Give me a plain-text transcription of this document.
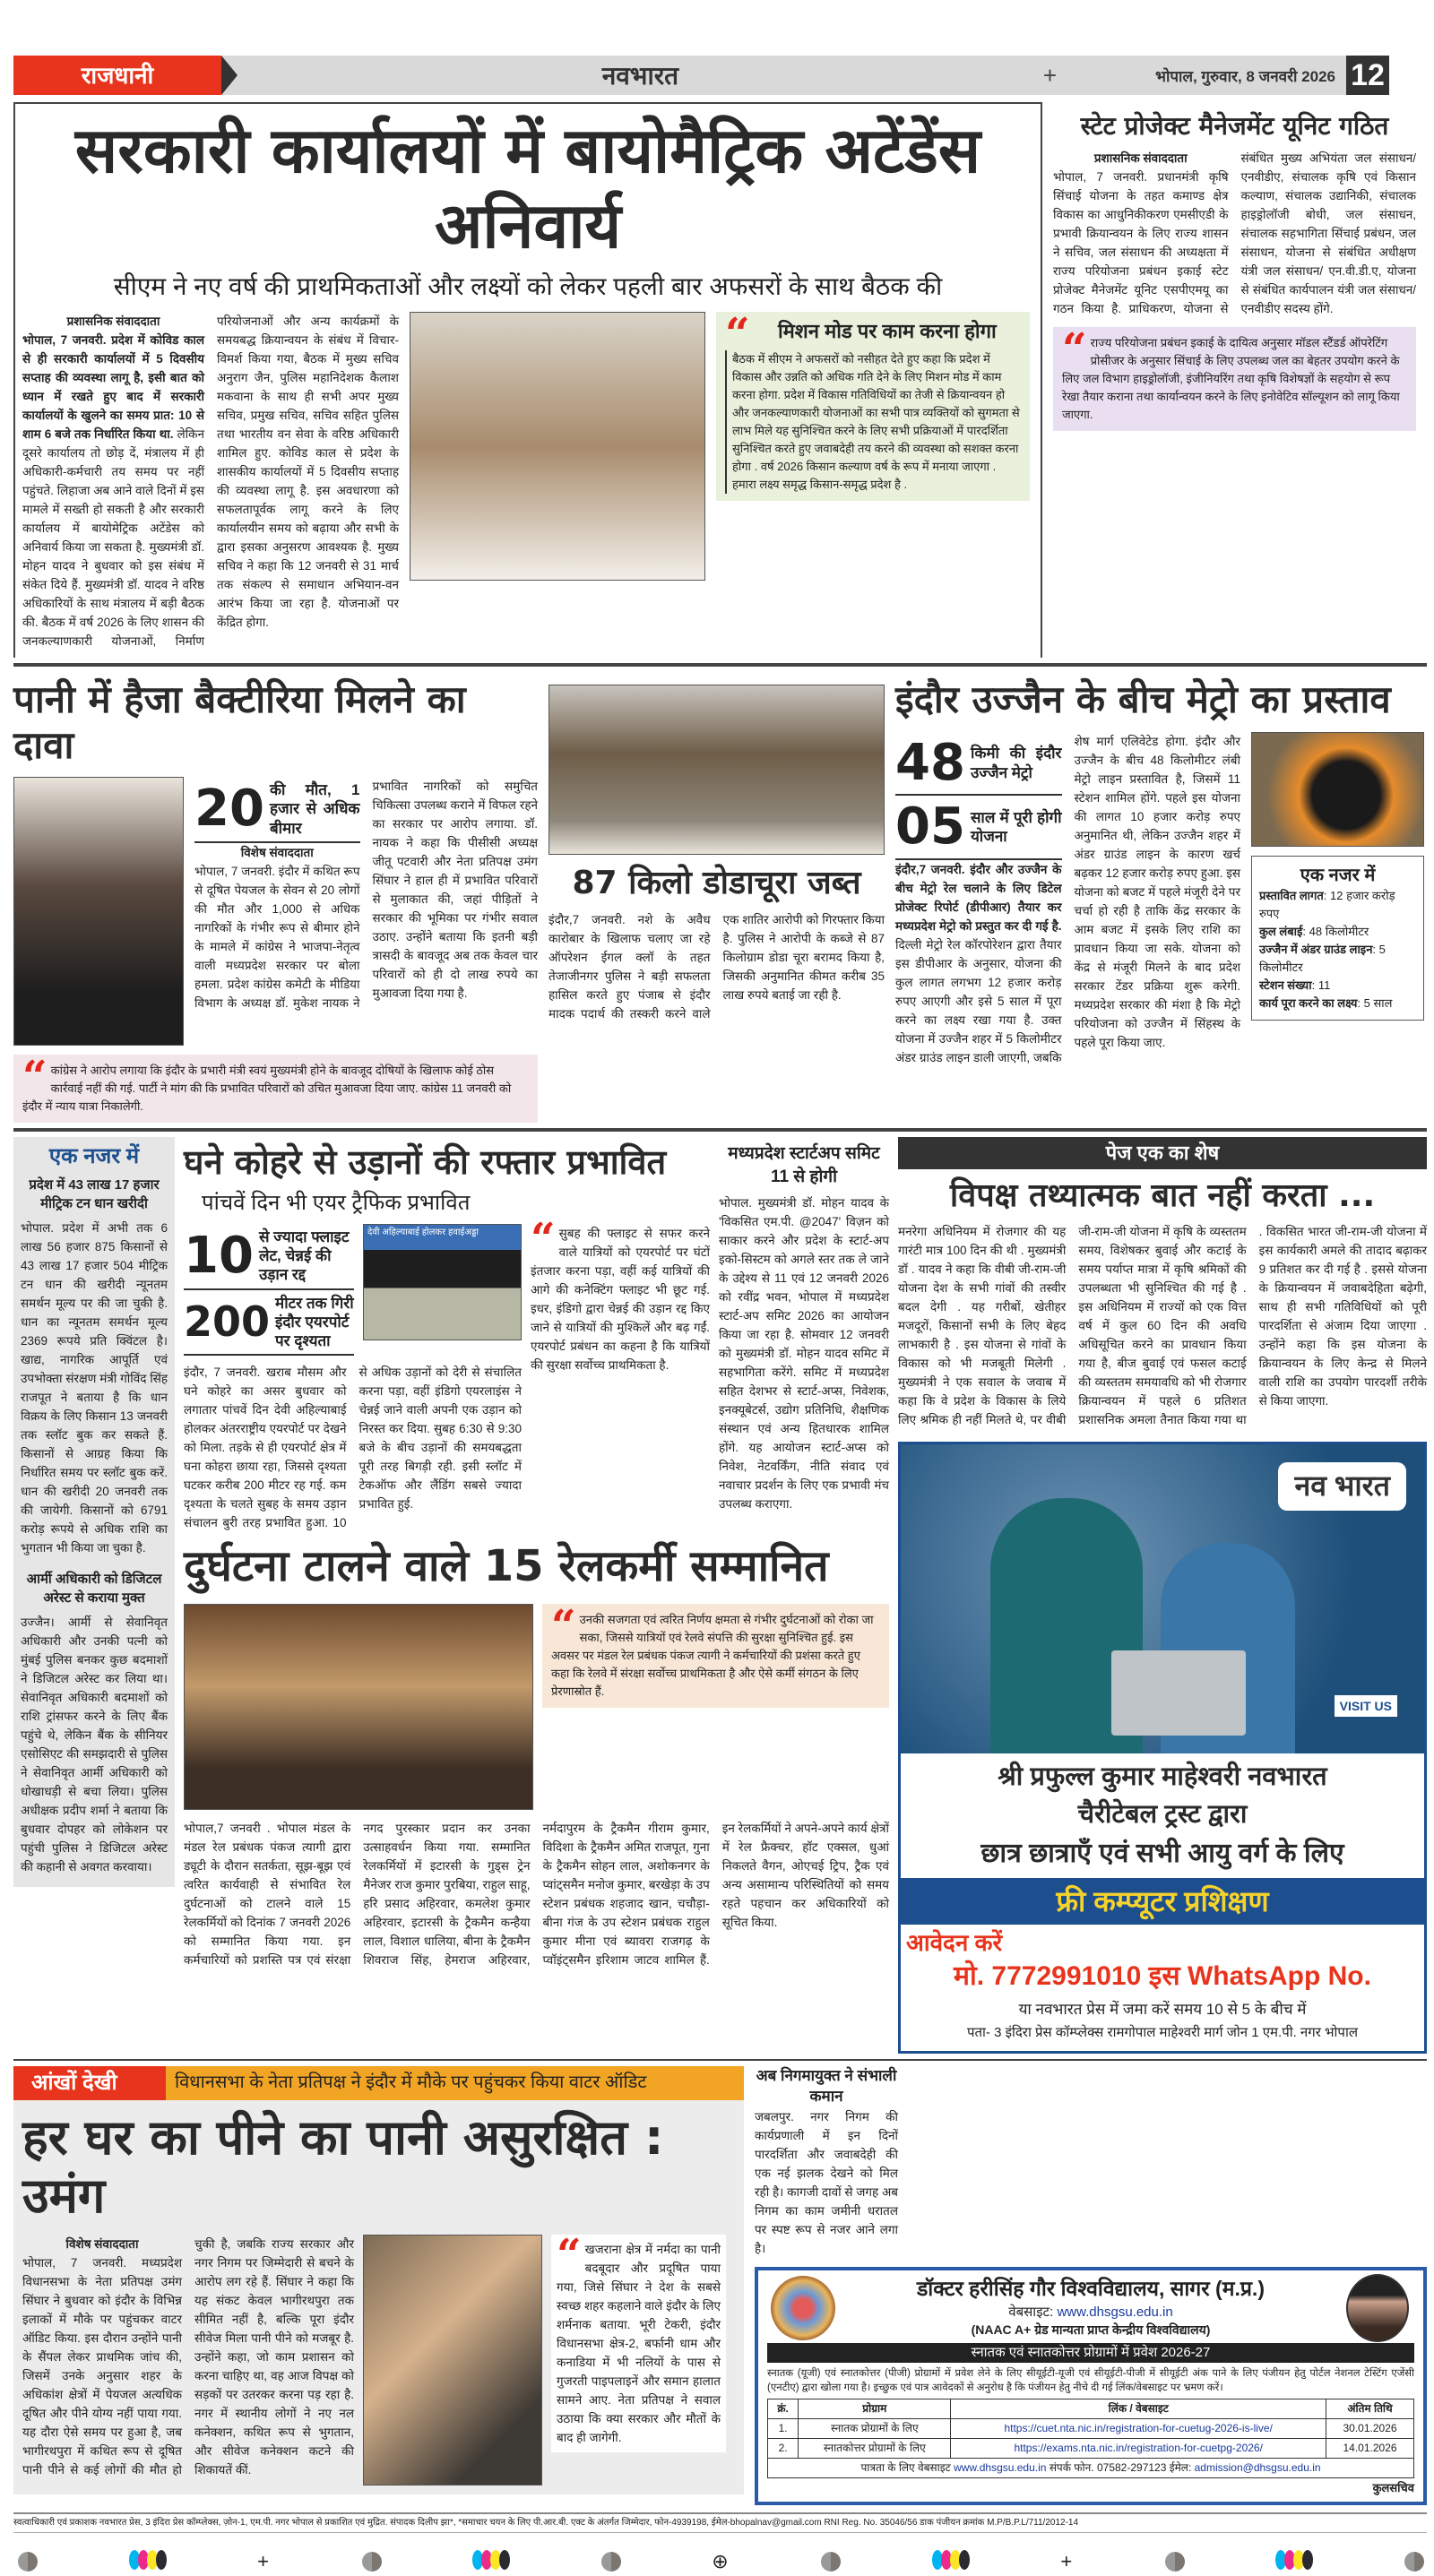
राजधानी	नवभारत	+	भोपाल, गुरुवार, 8 जनवरी 2026 12
सरकारी कार्यालयों में बायोमैट्रिक अटेंडेंस अनिवार्य
सीएम ने नए वर्ष की प्राथमिकताओं और लक्ष्यों को लेकर पहली बार अफसरों के साथ बैठक की
प्रशासनिक संवाददाता
भोपाल, 7 जनवरी. प्रदेश में कोविड काल से ही सरकारी कार्यालयों में 5 दिवसीय सप्ताह की व्यवस्था लागू है, इसी बात को ध्यान में रखते हुए बाद में सरकारी कार्यालयों के खुलने का समय प्रात: 10 से शाम 6 बजे तक निर्धारित किया था. लेकिन दूसरे कार्यालय तो छोड़ दें, मंत्रालय में ही अधिकारी-कर्मचारी तय समय पर नहीं पहुंचते. लिहाजा अब आने वाले दिनों में इस मामले में सख्ती हो सकती है और सरकारी कार्यालय में बायोमेट्रिक अटेंडेस को अनिवार्य किया जा सकता है. मुख्यमंत्री डॉ. मोहन यादव ने बुधवार को इस संबंध में संकेत दिये हैं. मुख्यमंत्री डॉ. यादव ने वरिष्ठ अधिकारियों के साथ मंत्रालय में बड़ी बैठक की. बैठक में वर्ष 2026 के लिए शासन की जनकल्याणकारी योजनाओं, निर्माण परियोजनाओं और अन्य कार्यक्रमों के समयबद्ध क्रियान्वयन के संबंध में विचार-विमर्श किया गया, बैठक में मुख्य सचिव अनुराग जैन, पुलिस महानिदेशक कैलाश मकवाना के साथ ही सभी अपर मुख्य सचिव, प्रमुख सचिव, सचिव सहित पुलिस तथा भारतीय वन सेवा के वरिष्ठ अधिकारी शामिल हुए. कोविड काल से प्रदेश के शासकीय कार्यालयों में 5 दिवसीय सप्ताह की व्यवस्था लागू है. इस अवधारणा को सफलतापूर्वक लागू करने के लिए कार्यालयीन समय को बढ़ाया और सभी के द्वारा इसका अनुसरण आवश्यक है. मुख्य सचिव ने कहा कि 12 जनवरी से 31 मार्च तक संकल्प से समाधान अभियान-वन आरंभ किया जा रहा है. योजनाओं पर केंद्रित होगा.
“	मिशन मोड पर काम करना होगा
बैठक में सीएम ने अफसरों को नसीहत देते हुए कहा कि प्रदेश में विकास और उन्नति को अधिक गति देने के लिए मिशन मोड में काम करना होगा. प्रदेश में विकास गतिविधियों का तेजी से क्रियान्वयन हो और जनकल्याणकारी योजनाओं का सभी पात्र व्यक्तियों को सुगमता से लाभ मिले यह सुनिश्चित करने के लिए सभी प्रक्रियाओं में पारदर्शिता सुनिश्चित करते हुए जवाबदेही तय करने की व्यवस्था को सशक्त करना होगा . वर्ष 2026 किसान कल्याण वर्ष के रूप में मनाया जाएगा . हमारा लक्ष्य समृद्ध किसान-समृद्ध प्रदेश है .
स्टेट प्रोजेक्ट मैनेजमेंट यूनिट गठित
प्रशासनिक संवाददाता
भोपाल, 7 जनवरी. प्रधानमंत्री कृषि सिंचाई योजना के तहत कमाण्ड क्षेत्र विकास का आधुनिकीकरण एमसीएडी के प्रभावी क्रियान्वयन के लिए राज्य शासन ने सचिव, जल संसाधन की अध्यक्षता में राज्य परियोजना प्रबंधन इकाई स्टेट प्रोजेक्ट मैनेजमेंट यूनिट एसपीएमयू का गठन किया है. प्राधिकरण, योजना से संबंधित मुख्य अभियंता जल संसाधन/एनवीडीए, संचालक कृषि एवं किसान कल्याण, संचालक उद्यानिकी, संचालक हाइड्रोलॉजी बोधी, जल संसाधन, संचालक सहभागिता सिंचाई प्रबंधन, जल संसाधन, योजना से संबंधित अधीक्षण यंत्री जल संसाधन/ एन.वी.डी.ए, योजना से संबंधित कार्यपालन यंत्री जल संसाधन/एनवीडीए सदस्य होंगे.
“ राज्य परियोजना प्रबंधन इकाई के दायित्व अनुसार मॉडल स्टैंडर्ड ऑपरेटिंग प्रोसीजर के अनुसार सिंचाई के लिए उपलब्ध जल का बेहतर उपयोग करने के लिए जल विभाग हाइड्रोलॉजी, इंजीनियरिंग तथा कृषि विशेषज्ञों के सहयोग से रूप रेखा तैयार कराना तथा कार्यान्वयन करने के लिए इनोवेटिव सॉल्यूशन को लागू किया जाएगा.
पानी में हैजा बैक्टीरिया मिलने का दावा
20 की मौत, 1 हजार से अधिक बीमार
विशेष संवाददाता
भोपाल, 7 जनवरी. इंदौर में कथित रूप से दूषित पेयजल के सेवन से 20 लोगों की मौत और 1,000 से अधिक नागरिकों के गंभीर रूप से बीमार होने के मामले में कांग्रेस ने भाजपा-नेतृत्व वाली मध्यप्रदेश सरकार पर बोला हमला. प्रदेश कांग्रेस कमेटी के मीडिया विभाग के अध्यक्ष डॉ. मुकेश नायक ने प्रभावित नागरिकों को समुचित चिकित्सा उपलब्ध कराने में विफल रहने का सरकार पर आरोप लगाया. डॉ. नायक ने कहा कि पीसीसी अध्यक्ष जीतू पटवारी और नेता प्रतिपक्ष उमंग सिंघार ने हाल ही में प्रभावित परिवारों से मुलाकात की, जहां पीड़ितों ने सरकार की भूमिका पर गंभीर सवाल उठाए. उन्होंने बताया कि इतनी बड़ी त्रासदी के बावजूद अब तक केवल चार परिवारों को ही दो लाख रुपये का मुआवजा दिया गया है.
“ कांग्रेस ने आरोप लगाया कि इंदौर के प्रभारी मंत्री स्वयं मुख्यमंत्री होने के बावजूद दोषियों के खिलाफ कोई ठोस कार्रवाई नहीं की गई. पार्टी ने मांग की कि प्रभावित परिवारों को उचित मुआवजा दिया जाए. कांग्रेस 11 जनवरी को इंदौर में न्याय यात्रा निकालेगी.
87 किलो डोडाचूरा जब्त
इंदौर,7 जनवरी. नशे के अवैध कारोबार के खिलाफ चलाए जा रहे ऑपरेशन ईगल क्लॉ के तहत तेजाजीनगर पुलिस ने बड़ी सफलता हासिल करते हुए पंजाब से इंदौर मादक पदार्थ की तस्करी करने वाले एक शातिर आरोपी को गिरफ्तार किया है. पुलिस ने आरोपी के कब्जे से 87 किलोग्राम डोडा चूरा बरामद किया है, जिसकी अनुमानित कीमत करीब 35 लाख रुपये बताई जा रही है.
इंदौर उज्जैन के बीच मेट्रो का प्रस्ताव
48 किमी की इंदौर उज्जैन मेट्रो
05 साल में पूरी होगी योजना
इंदौर,7 जनवरी. इंदौर और उज्जैन के बीच मेट्रो रेल चलाने के लिए डिटेल प्रोजेक्ट रिपोर्ट (डीपीआर) तैयार कर मध्यप्रदेश मेट्रो को प्रस्तुत कर दी गई है. दिल्ली मेट्रो रेल कॉरपोरेशन द्वारा तैयार इस डीपीआर के अनुसार, योजना की कुल लागत लगभग 12 हजार करोड़ रुपए आएगी और इसे 5 साल में पूरा करने का लक्ष्य रखा गया है. उक्त योजना में उज्जैन शहर में 5 किलोमीटर अंडर ग्राउंड लाइन डाली जाएगी, जबकि शेष मार्ग एलिवेटेड होगा. इंदौर और उज्जैन के बीच 48 किलोमीटर लंबी मेट्रो लाइन प्रस्तावित है, जिसमें 11 स्टेशन शामिल होंगे. पहले इस योजना की लागत 10 हजार करोड़ रुपए अनुमानित थी, लेकिन उज्जैन शहर में अंडर ग्राउंड लाइन के कारण खर्च बढ़कर 12 हजार करोड़ रुपए हुआ. इस योजना को बजट में पहले मंजूरी देने पर चर्चा हो रही है ताकि केंद्र सरकार के आम बजट में इसके लिए राशि का प्रावधान किया जा सके. योजना को केंद्र से मंजूरी मिलने के बाद प्रदेश सरकार टेंडर प्रक्रिया शुरू करेगी. मध्यप्रदेश सरकार की मंशा है कि मेट्रो परियोजना को उज्जैन में सिंहस्थ के पहले पूरा किया जाए.
एक नजर में
प्रस्तावित लागत: 12 हजार करोड़ रुपए
कुल लंबाई: 48 किलोमीटर
उज्जैन में अंडर ग्राउंड लाइन: 5 किलोमीटर
स्टेशन संख्या: 11
कार्य पूरा करने का लक्ष्य: 5 साल
एक नजर में
प्रदेश में 43 लाख 17 हजार मीट्रिक टन धान खरीदी
भोपाल. प्रदेश में अभी तक 6 लाख 56 हजार 875 किसानों से 43 लाख 17 हजार 504 मीट्रिक टन धान की खरीदी न्यूनतम समर्थन मूल्य पर की जा चुकी है. धान का न्यूनतम समर्थन मूल्य 2369 रूपये प्रति क्विंटल है। खाद्य, नागरिक आपूर्ति एवं उपभोक्ता संरक्षण मंत्री गोविंद सिंह राजपूत ने बताया है कि धान विक्रय के लिए किसान 13 जनवरी तक स्लॉट बुक कर सकते हैं. किसानों से आग्रह किया कि निर्धारित समय पर स्लॉट बुक करें. धान की खरीदी 20 जनवरी तक की जायेगी. किसानों को 6791 करोड़ रूपये से अधिक राशि का भुगतान भी किया जा चुका है.
आर्मी अधिकारी को डिजिटल अरेस्ट से कराया मुक्त
उज्जैन। आर्मी से सेवानिवृत अधिकारी और उनकी पत्नी को मुंबई पुलिस बनकर कुछ बदमाशों ने डिजिटल अरेस्ट कर लिया था। सेवानिवृत अधिकारी बदमाशों को राशि ट्रांसफर करने के लिए बैंक पहुंचे थे, लेकिन बैंक के सीनियर एसोसिएट की समझदारी से पुलिस ने सेवानिवृत आर्मी अधिकारी को धोखाधड़ी से बचा लिया। पुलिस अधीक्षक प्रदीप शर्मा ने बताया कि बुधवार दोपहर को लोकेशन पर पहुंची पुलिस ने डिजिटल अरेस्ट की कहानी से अवगत करवाया।
घने कोहरे से उड़ानों की रफ्तार प्रभावित
पांचवें दिन भी एयर ट्रैफिक प्रभावित
10 से ज्यादा फ्लाइट लेट, चेन्नई की उड़ान रद्द
200 मीटर तक गिरी इंदौर एयरपोर्ट पर दृश्यता
देवी अहिल्याबाई होलकर हवाईअड्डा
इंदौर, 7 जनवरी. खराब मौसम और घने कोहरे का असर बुधवार को लगातार पांचवें दिन देवी अहिल्याबाई होलकर अंतरराष्ट्रीय एयरपोर्ट पर देखने को मिला. तड़के से ही एयरपोर्ट क्षेत्र में घना कोहरा छाया रहा, जिससे दृश्यता घटकर करीब 200 मीटर रह गई. कम दृश्यता के चलते सुबह के समय उड़ान संचालन बुरी तरह प्रभावित हुआ. 10 से अधिक उड़ानों को देरी से संचालित करना पड़ा, वहीं इंडिगो एयरलाइंस ने चेन्नई जाने वाली अपनी एक उड़ान को निरस्त कर दिया. सुबह 6:30 से 9:30 बजे के बीच उड़ानों की समयबद्धता पूरी तरह बिगड़ी रही. इसी स्लॉट में टेकऑफ और लैंडिंग सबसे ज्यादा प्रभावित हुई.
“ सुबह की फ्लाइट से सफर करने वाले यात्रियों को एयरपोर्ट पर घंटों इंतजार करना पड़ा, वहीं कई यात्रियों की आगे की कनेक्टिंग फ्लाइट भी छूट गई. इधर, इंडिगो द्वारा चेन्नई की उड़ान रद्द किए जाने से यात्रियों की मुश्किलें और बढ़ गईं. एयरपोर्ट प्रबंधन का कहना है कि यात्रियों की सुरक्षा सर्वोच्च प्राथमिकता है.
मध्यप्रदेश स्टार्टअप समिट 11 से होगी
भोपाल. मुख्यमंत्री डॉ. मोहन यादव के 'विकसित एम.पी. @2047' विज़न को साकार करने और प्रदेश के स्टार्ट-अप इको-सिस्टम को अगले स्तर तक ले जाने के उद्देश्य से 11 एवं 12 जनवरी 2026 को रवींद्र भवन, भोपाल में मध्यप्रदेश स्टार्ट-अप समिट 2026 का आयोजन किया जा रहा है. सोमवार 12 जनवरी को मुख्यमंत्री डॉ. मोहन यादव समिट में सहभागिता करेंगे. समिट में मध्यप्रदेश सहित देशभर से स्टार्ट-अप्स, निवेशक, इनक्यूबेटर्स, उद्योग प्रतिनिधि, शैक्षणिक संस्थान एवं अन्य हितधारक शामिल होंगे. यह आयोजन स्टार्ट-अप्स को निवेश, नेटवर्किंग, नीति संवाद एवं नवाचार प्रदर्शन के लिए एक प्रभावी मंच उपलब्ध कराएगा.
दुर्घटना टालने वाले 15 रेलकर्मी सम्मानित
“ उनकी सजगता एवं त्वरित निर्णय क्षमता से गंभीर दुर्घटनाओं को रोका जा सका, जिससे यात्रियों एवं रेलवे संपत्ति की सुरक्षा सुनिश्चित हुई. इस अवसर पर मंडल रेल प्रबंधक पंकज त्यागी ने कर्मचारियों की प्रशंसा करते हुए कहा कि रेलवे में संरक्षा सर्वोच्च प्राथमिकता है और ऐसे कर्मी संगठन के लिए प्रेरणास्रोत हैं.
भोपाल,7 जनवरी . भोपाल मंडल के मंडल रेल प्रबंधक पंकज त्यागी द्वारा ड्यूटी के दौरान सतर्कता, सूझ-बूझ एवं त्वरित कार्यवाही से संभावित रेल दुर्घटनाओं को टालने वाले 15 रेलकर्मियों को दिनांक 7 जनवरी 2026 को सम्मानित किया गया. इन कर्मचारियों को प्रशस्ति पत्र एवं संरक्षा नगद पुरस्कार प्रदान कर उनका उत्साहवर्धन किया गया. सम्मानित रेलकर्मियों में इटारसी के गुड्स ट्रेन मैनेजर राज कुमार पुरबिया, राहुल साहू, हरि प्रसाद अहिरवार, कमलेश कुमार अहिरवार, इटारसी के ट्रैकमैन कन्हैया लाल, विशाल धालिया, बीना के ट्रैकमैन शिवराज सिंह, हेमराज अहिरवार, नर्मदापुरम के ट्रैकमैन गीराम कुमार, विदिशा के ट्रैकमैन अमित राजपूत, गुना के ट्रैकमैन सोहन लाल, अशोकनगर के प्वांट्समैन मनोज कुमार, बरखेड़ा के उप स्टेशन प्रबंधक शहजाद खान, चचौड़ा-बीना गंज के उप स्टेशन प्रबंधक राहुल कुमार मीना एवं ब्यावरा राजगढ़ के प्वॉइंट्समैन इरिशाम जाटव शामिल हैं. इन रेलकर्मियों ने अपने-अपने कार्य क्षेत्रों में रेल फ्रैक्चर, हॉट एक्सल, धुआं निकलते वैगन, ओएचई ट्रिप, ट्रैक एवं अन्य असामान्य परिस्थितियों को समय रहते पहचान कर अधिकारियों को सूचित किया.
पेज एक का शेष
विपक्ष तथ्यात्मक बात नहीं करता ...
मनरेगा अधिनियम में रोजगार की यह गारंटी मात्र 100 दिन की थी . मुख्यमंत्री डॉ . यादव ने कहा कि वीबी जी-राम-जी योजना देश के सभी गांवों की तस्वीर बदल देगी . यह गरीबों, खेतीहर मजदूरों, किसानों सभी के लिए बेहद लाभकारी है . इस योजना से गांवों के विकास को भी मजबूती मिलेगी . मुख्यमंत्री ने एक सवाल के जवाब में कहा कि वे प्रदेश के विकास के लिये लिए श्रमिक ही नहीं मिलते थे, पर वीबी जी-राम-जी योजना में कृषि के व्यस्ततम समय, विशेषकर बुवाई और कटाई के समय पर्याप्त मात्रा में कृषि श्रमिकों की उपलब्धता भी सुनिश्चित की गई है . इस अधिनियम में राज्यों को एक वित्त वर्ष में कुल 60 दिन की अवधि अधिसूचित करने का प्रावधान किया गया है, बीज बुवाई एवं फसल कटाई की व्यस्ततम समयावधि को भी रोजगार क्रियान्वयन में पहले 6 प्रतिशत प्रशासनिक अमला तैनात किया गया था . विकसित भारत जी-राम-जी योजना में इस कार्यकारी अमले की तादाद बढ़ाकर 9 प्रतिशत कर दी गई है . इससे योजना के क्रियान्वयन में जवाबदेहिता बढ़ेगी, साथ ही सभी गतिविधियों को पूरी पारदर्शिता से अंजाम दिया जाएगा . उन्होंने कहा कि इस योजना के क्रियान्वयन के लिए केन्द्र से मिलने वाली राशि का उपयोग पारदर्शी तरीके से किया जाएगा.
नव भारत
VISIT US
श्री प्रफुल्ल कुमार माहेश्वरी नवभारत
चैरीटेबल ट्रस्ट द्वारा
छात्र छात्राएँ एवं सभी आयु वर्ग के लिए
फ्री कम्प्यूटर प्रशिक्षण
आवेदन करें
मो. 7772991010 इस WhatsApp No.
या नवभारत प्रेस में जमा करें समय 10 से 5 के बीच में
पता- 3 इंदिरा प्रेस कॉम्प्लेक्स रामगोपाल माहेश्वरी मार्ग जोन 1 एम.पी. नगर भोपाल
आंखों देखी	विधानसभा के नेता प्रतिपक्ष ने इंदौर में मौके पर पहुंचकर किया वाटर ऑडिट
हर घर का पीने का पानी असुरक्षित : उमंग
विशेष संवाददाता
भोपाल, 7 जनवरी. मध्यप्रदेश विधानसभा के नेता प्रतिपक्ष उमंग सिंघार ने बुधवार को इंदौर के विभिन्न इलाकों में मौके पर पहुंचकर वाटर ऑडिट किया. इस दौरान उन्होंने पानी के सैंपल लेकर प्राथमिक जांच की, जिसमें उनके अनुसार शहर के अधिकांश क्षेत्रों में पेयजल अत्यधिक दूषित और पीने योग्य नहीं पाया गया. यह दौरा ऐसे समय पर हुआ है, जब भागीरथपुरा में कथित रूप से दूषित पानी पीने से कई लोगों की मौत हो चुकी है, जबकि राज्य सरकार और नगर निगम पर जिम्मेदारी से बचने के आरोप लग रहे हैं. सिंघार ने कहा कि यह संकट केवल भागीरथपुरा तक सीमित नहीं है, बल्कि पूरा इंदौर सीवेज मिला पानी पीने को मजबूर है. उन्होंने कहा, जो काम प्रशासन को करना चाहिए था, वह आज विपक्ष को सड़कों पर उतरकर करना पड़ रहा है. नगर में स्थानीय लोगों ने नए नल कनेक्शन, कथित रूप से भुगतान, और सीवेज कनेक्शन कटने की शिकायतें कीं.
“ खजराना क्षेत्र में नर्मदा का पानी बदबूदार और प्रदूषित पाया गया, जिसे सिंघार ने देश के सबसे स्वच्छ शहर कहलाने वाले इंदौर के लिए शर्मनाक बताया. भूरी टेकरी, इंदौर विधानसभा क्षेत्र-2, बर्फानी धाम और कनाडिया में भी नलियों के पास से गुजरती पाइपलाइनें और समान हालात सामने आए. नेता प्रतिपक्ष ने सवाल उठाया कि क्या सरकार और मौतों के बाद ही जागेगी.
अब निगमायुक्त ने संभाली कमान
जबलपुर. नगर निगम की कार्यप्रणाली में इन दिनों पारदर्शिता और जवाबदेही की एक नई झलक देखने को मिल रही है। कागजी दावों से जगह अब निगम का काम जमीनी धरातल पर स्पष्ट रूप से नजर आने लगा है।
डॉक्टर हरीसिंह गौर विश्वविद्यालय, सागर (म.प्र.)
वेबसाइट: www.dhsgsu.edu.in
(NAAC A+ ग्रेड मान्यता प्राप्त केन्द्रीय विश्वविद्यालय)
स्नातक एवं स्नातकोत्तर प्रोग्रामों में प्रवेश 2026-27
स्नातक (यूजी) एवं स्नातकोत्तर (पीजी) प्रोग्रामों में प्रवेश लेने के लिए सीयूईटी-यूजी एवं सीयूईटी-पीजी में सीयूईटी अंक पाने के लिए पंजीयन हेतु पोर्टल नेशनल टेस्टिंग एजेंसी (एनटीए) द्वारा खोला गया है। इच्छुक एवं पात्र आवेदकों से अनुरोध है कि पंजीयन हेतु नीचे दी गई लिंक/वेबसाइट पर भ्रमण करें।
क्रं.	प्रोग्राम	लिंक / वेबसाइट	अंतिम तिथि
1.	स्नातक प्रोग्रामों के लिए	https://cuet.nta.nic.in/registration-for-cuetug-2026-is-live/	30.01.2026
2.	स्नातकोत्तर प्रोग्रामों के लिए	https://exams.nta.nic.in/registration-for-cuetpg-2026/	14.01.2026
पात्रता के लिए वेबसाइट www.dhsgsu.edu.in संपर्क फोन. 07582-297123 ईमेल: admission@dhsgsu.edu.in			
कुलसचिव
स्वत्वाधिकारी एवं प्रकाशक नवभारत प्रेस, 3 इंदिरा प्रेस कॉम्प्लेक्स, ज़ोन-1, एम.पी. नगर भोपाल से प्रकाशित एवं मुद्रित. संपादक दिलीप झा*, *समाचार चयन के लिए पी.आर.बी. एक्ट के अंतर्गत जिम्मेदार, फोन-4939198, ईमेल-bhopalnav@gmail.com RNI Reg. No. 35046/56 डाक पंजीयन क्रमांक M.P/B.P.L/711/2012-14
+	⊕	+
